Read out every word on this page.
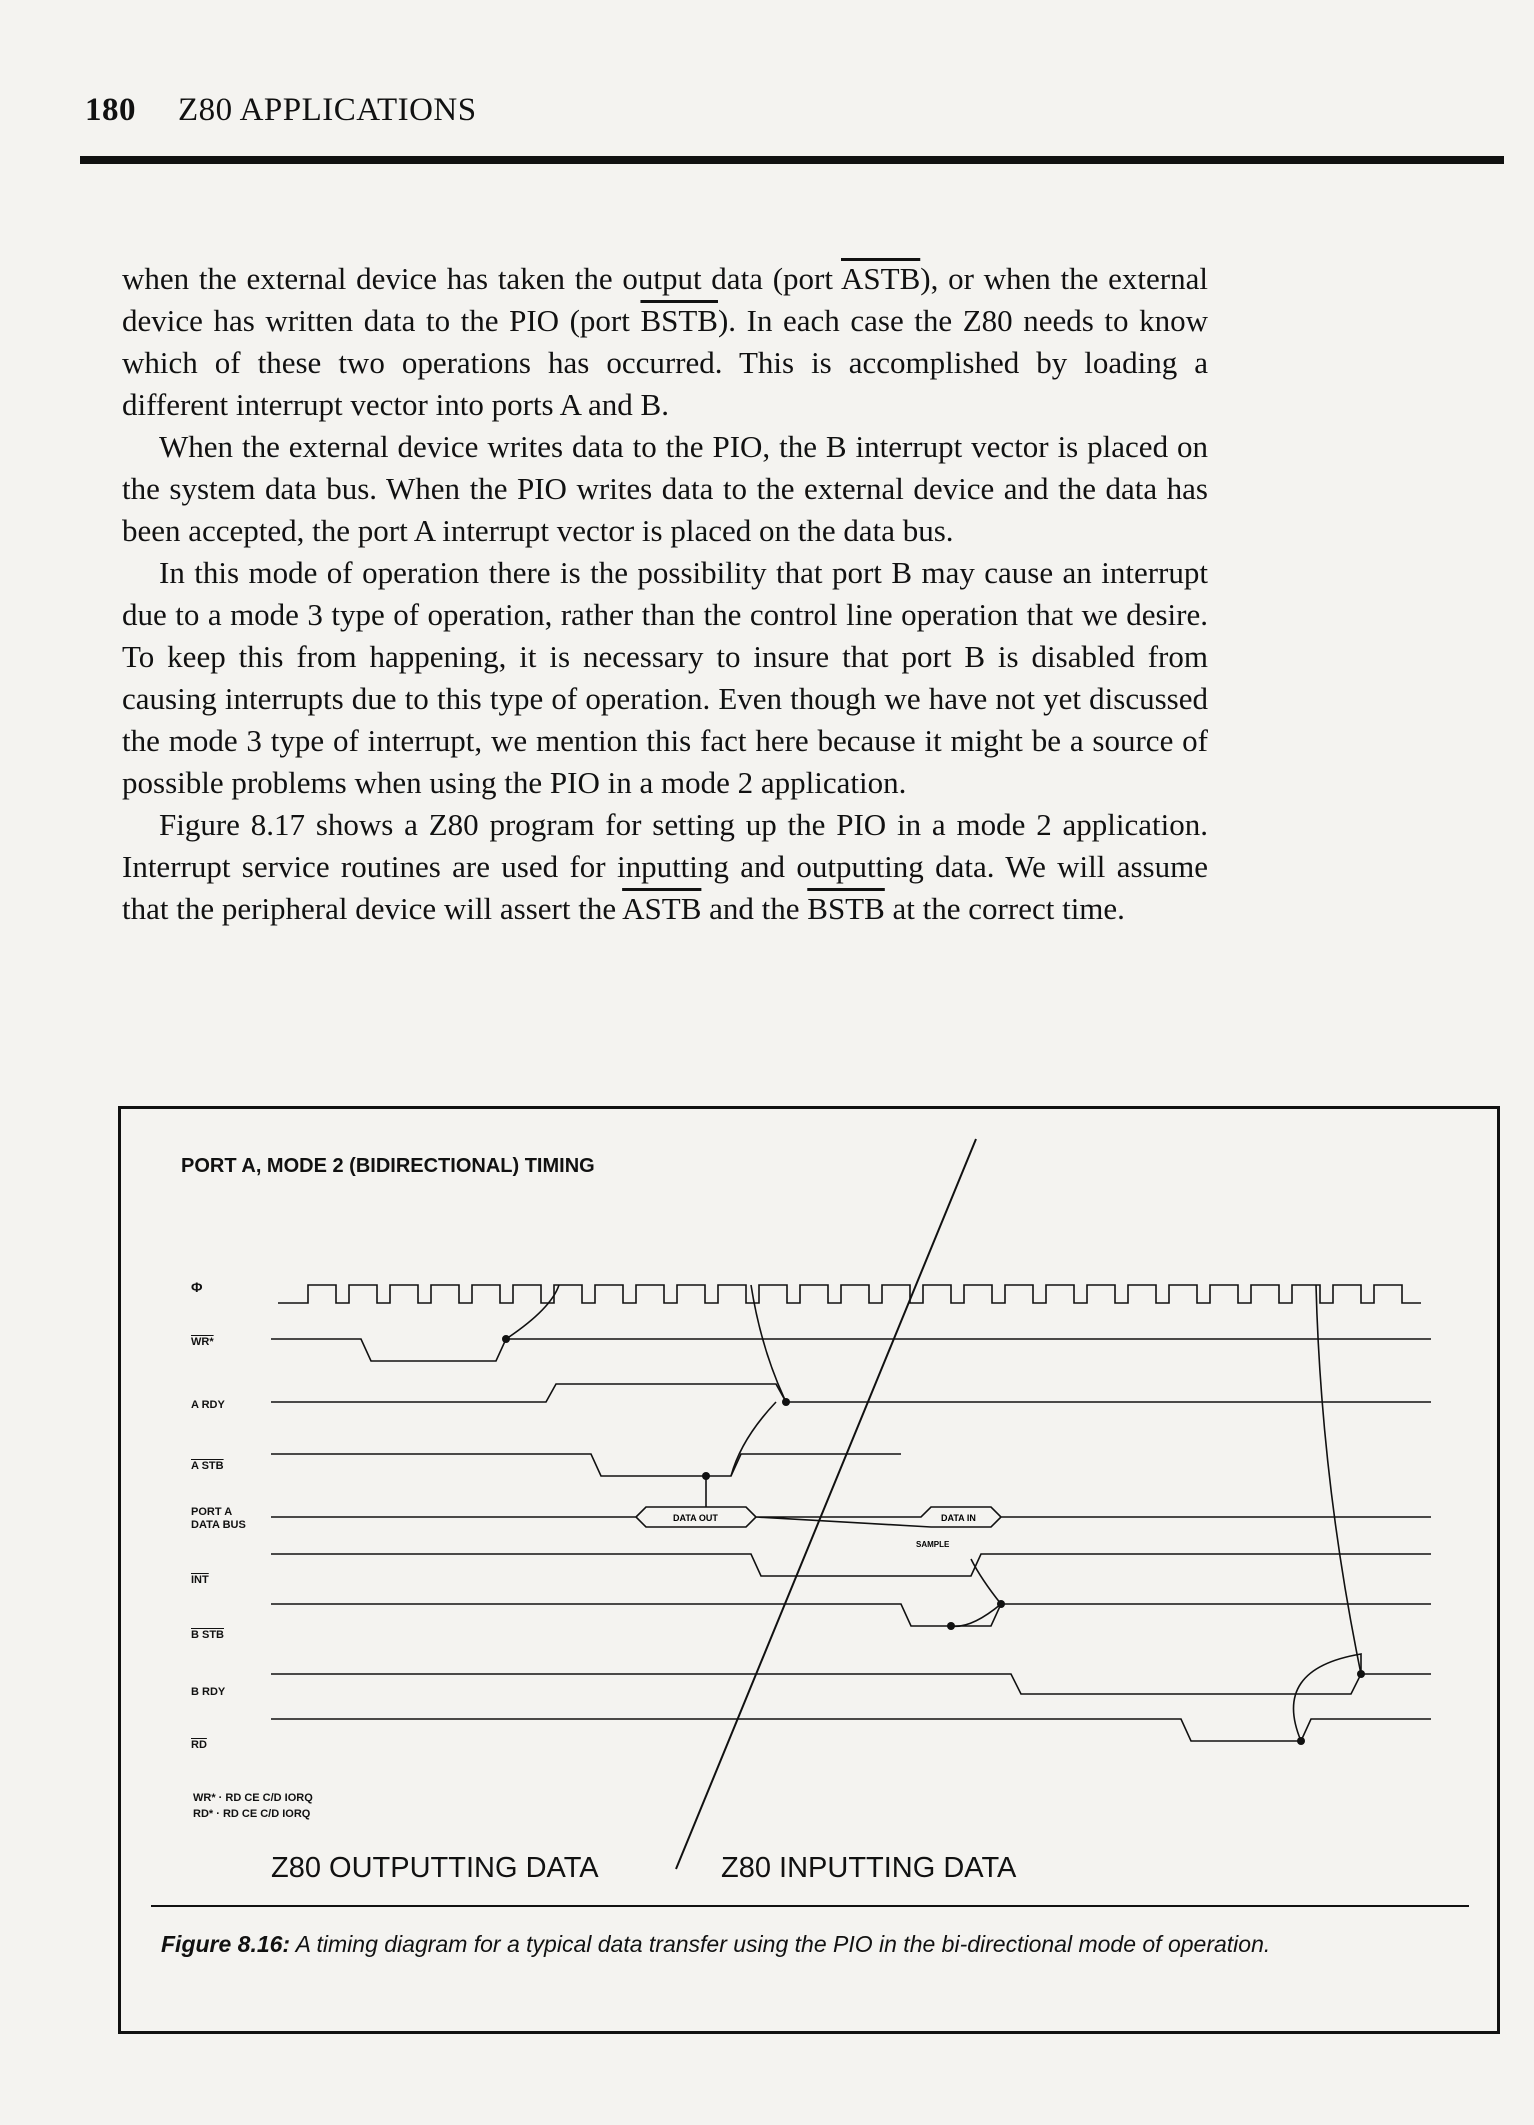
180 Z80 APPLICATIONS

when the external device has taken the output data (port ASTB), or when the external device has written data to the PIO (port BSTB). In each case the Z80 needs to know which of these two operations has occurred. This is accomplished by loading a different interrupt vector into ports A and B.

When the external device writes data to the PIO, the B interrupt vector is placed on the system data bus. When the PIO writes data to the external device and the data has been accepted, the port A interrupt vector is placed on the data bus.

In this mode of operation there is the possibility that port B may cause an interrupt due to a mode 3 type of operation, rather than the control line operation that we desire. To keep this from happening, it is necessary to insure that port B is disabled from causing interrupts due to this type of operation. Even though we have not yet discussed the mode 3 type of interrupt, we mention this fact here because it might be a source of possible problems when using the PIO in a mode 2 application.

Figure 8.17 shows a Z80 program for setting up the PIO in a mode 2 application. Interrupt service routines are used for inputting and outputting data. We will assume that the peripheral device will assert the ASTB and the BSTB at the correct time.

PORT A, MODE 2 (BIDIRECTIONAL) TIMING
Φ
WR*
A RDY
A STB
PORT A
DATA BUS
$\overline{INT}$
B STB
B RDY
$\overline{RD}$
WR* · RD CE C/D IORQ
RD* · RD CE C/D IORQ
Z80 OUTPUTTING DATA	Z80 INPUTTING DATA
DATA OUT	DATA IN
SAMPLE
Figure 8.16: A timing diagram for a typical data transfer using the PIO in the bi-directional mode of operation.
